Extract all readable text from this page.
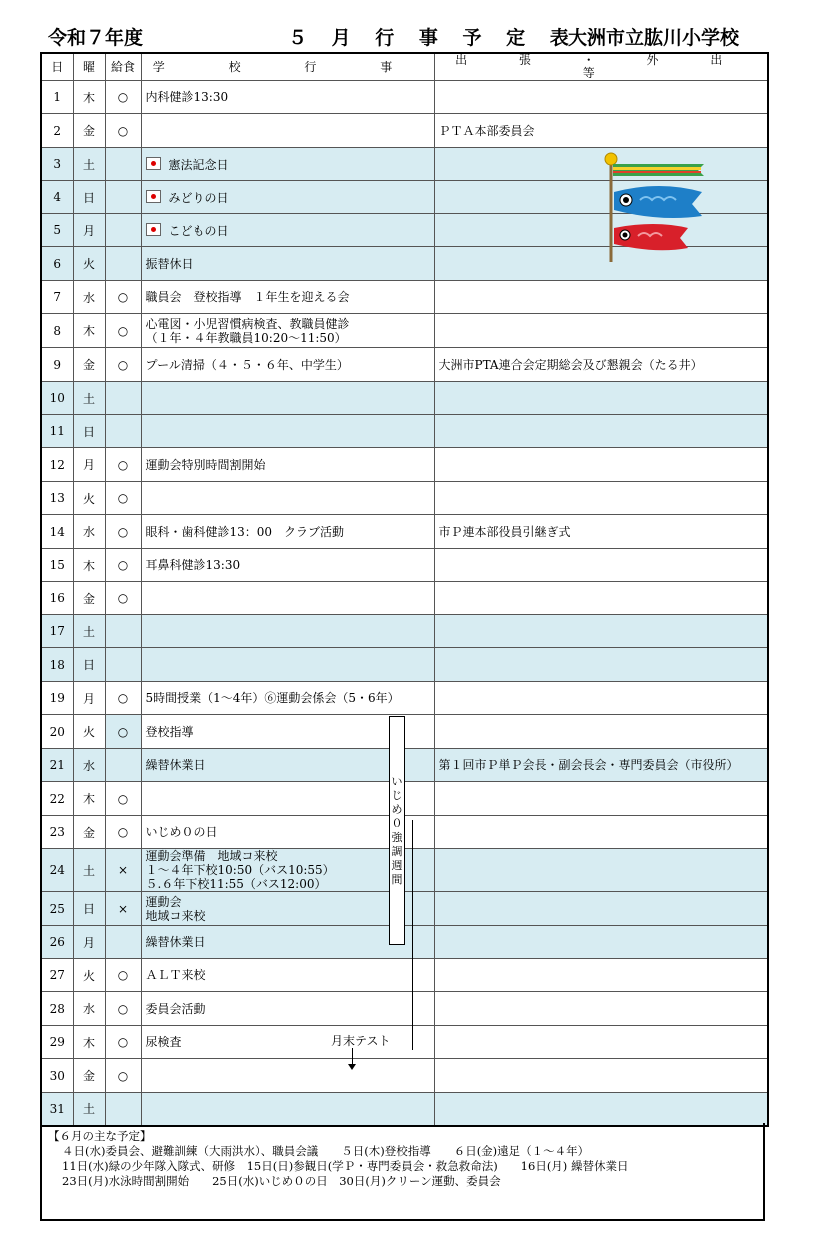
令和７年度	５ 月 行 事 予 定 表
大洲市立肱川小学校
日	曜	給食	学 校 行 事	出 張 ・ 外 出 等
1	木	○	内科健診13:30	
2	金	○		ＰＴＡ本部委員会
3	土		憲法記念日	
4	日		みどりの日	
5	月		こどもの日	
6	火		振替休日	
7	水	○	職員会　登校指導　１年生を迎える会	
8	木	○	心電図・小児習慣病検査、教職員健診
（１年・４年教職員10:20～11:50）	
9	金	○	プール清掃（４・５・６年、中学生）	大洲市PTA連合会定期総会及び懇親会（たる井）
10	土			
11	日			
12	月	○	運動会特別時間割開始	
13	火	○		
14	水	○	眼科・歯科健診13：00　クラブ活動	市Ｐ連本部役員引継ぎ式
15	木	○	耳鼻科健診13:30	
16	金	○		
17	土			
18	日			
19	月	○	5時間授業（1～4年）⑥運動会係会（5・6年）	
20	火	○	登校指導	
21	水		繰替休業日	第１回市Ｐ単Ｐ会長・副会長会・専門委員会（市役所）
22	木	○		
23	金	○	いじめ０の日	
24	土	×	運動会準備　地域コ来校
１～４年下校10:50（バス10:55）
５.６年下校11:55（バス12:00）	
25	日	×	運動会
地域コ来校	
26	月		繰替休業日	
27	火	○	ＡＬＴ来校	
28	水	○	委員会活動	
29	木	○	尿検査	
30	金	○		
31	土			
い
じ
め
０
強
調
週
間
月末テスト
【６月の主な予定】
４日(水)委員会、避難訓練（大雨洪水）、職員会議　　５日(木)登校指導　　６日(金)遠足（１～４年）
11日(水)緑の少年隊入隊式、研修　15日(日)参観日(学Ｐ・専門委員会・救急救命法)　　16日(月) 繰替休業日
23日(月)水泳時間割開始　　25日(水)いじめ０の日　30日(月)クリーン運動、委員会
